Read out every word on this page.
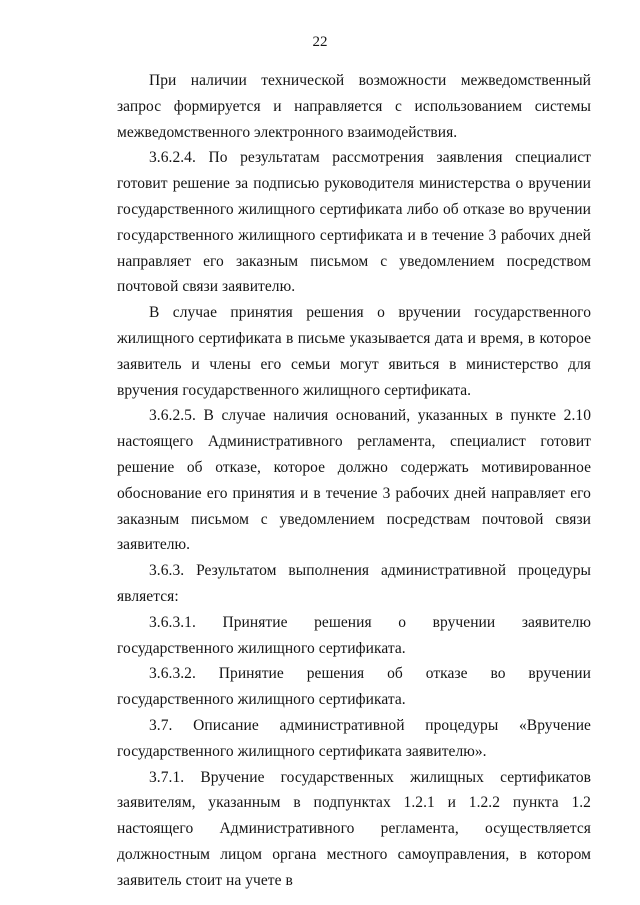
22

При наличии технической возможности межведомственный запрос формируется и направляется с использованием системы межведомственного электронного взаимодействия.

3.6.2.4. По результатам рассмотрения заявления специалист готовит решение за подписью руководителя министерства о вручении государственного жилищного сертификата либо об отказе во вручении государственного жилищного сертификата и в течение 3 рабочих дней направляет его заказным письмом с уведомлением посредством почтовой связи заявителю.

В случае принятия решения о вручении государственного жилищного сертификата в письме указывается дата и время, в которое заявитель и члены его семьи могут явиться в министерство для вручения государственного жилищного сертификата.

3.6.2.5. В случае наличия оснований, указанных в пункте 2.10 настоящего Административного регламента, специалист готовит решение об отказе, которое должно содержать мотивированное обоснование его принятия и в течение 3 рабочих дней направляет его заказным письмом с уведомлением посредствам почтовой связи заявителю.

3.6.3. Результатом выполнения административной процедуры является:

3.6.3.1. Принятие решения о вручении заявителю государственного жилищного сертификата.

3.6.3.2. Принятие решения об отказе во вручении государственного жилищного сертификата.

3.7. Описание административной процедуры «Вручение государственного жилищного сертификата заявителю».

3.7.1. Вручение государственных жилищных сертификатов заявителям, указанным в подпунктах 1.2.1 и 1.2.2 пункта 1.2 настоящего Административного регламента, осуществляется должностным лицом органа местного самоуправления, в котором заявитель стоит на учете в
